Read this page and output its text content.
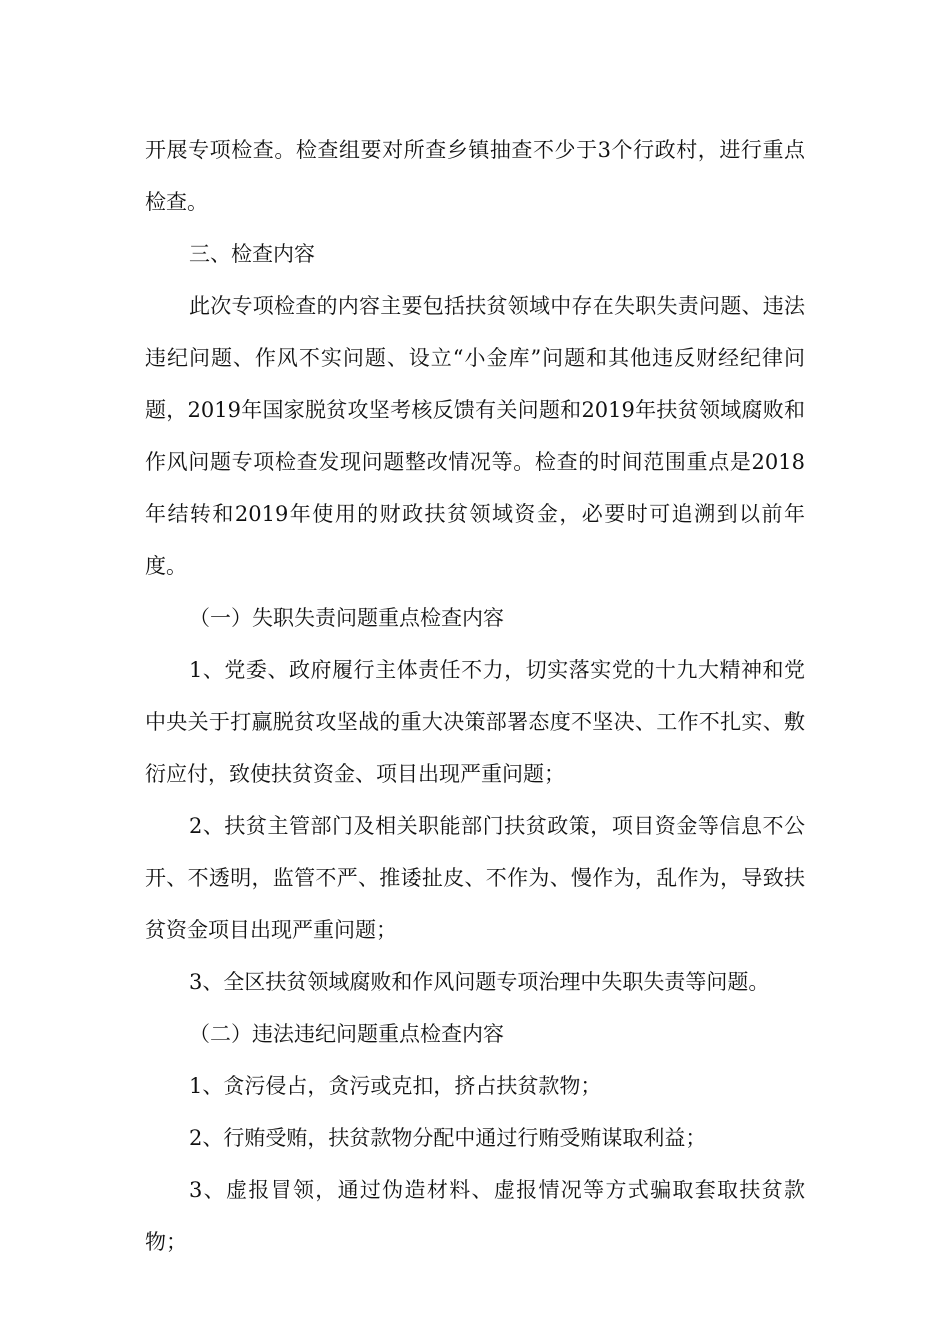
开展专项检查。检查组要对所查乡镇抽查不少于3个行政村，进行重点检查。

三、检查内容

此次专项检查的内容主要包括扶贫领域中存在失职失责问题、违法违纪问题、作风不实问题、设立“小金库”问题和其他违反财经纪律问题，2019年国家脱贫攻坚考核反馈有关问题和2019年扶贫领域腐败和作风问题专项检查发现问题整改情况等。检查的时间范围重点是2018年结转和2019年使用的财政扶贫领域资金，必要时可追溯到以前年度。

（一）失职失责问题重点检查内容

1、党委、政府履行主体责任不力，切实落实党的十九大精神和党中央关于打赢脱贫攻坚战的重大决策部署态度不坚决、工作不扎实、敷衍应付，致使扶贫资金、项目出现严重问题；

2、扶贫主管部门及相关职能部门扶贫政策，项目资金等信息不公开、不透明，监管不严、推诿扯皮、不作为、慢作为，乱作为，导致扶贫资金项目出现严重问题；

3、全区扶贫领域腐败和作风问题专项治理中失职失责等问题。

（二）违法违纪问题重点检查内容

1、贪污侵占，贪污或克扣，挤占扶贫款物；

2、行贿受贿，扶贫款物分配中通过行贿受贿谋取利益；

3、虚报冒领，通过伪造材料、虚报情况等方式骗取套取扶贫款物；
